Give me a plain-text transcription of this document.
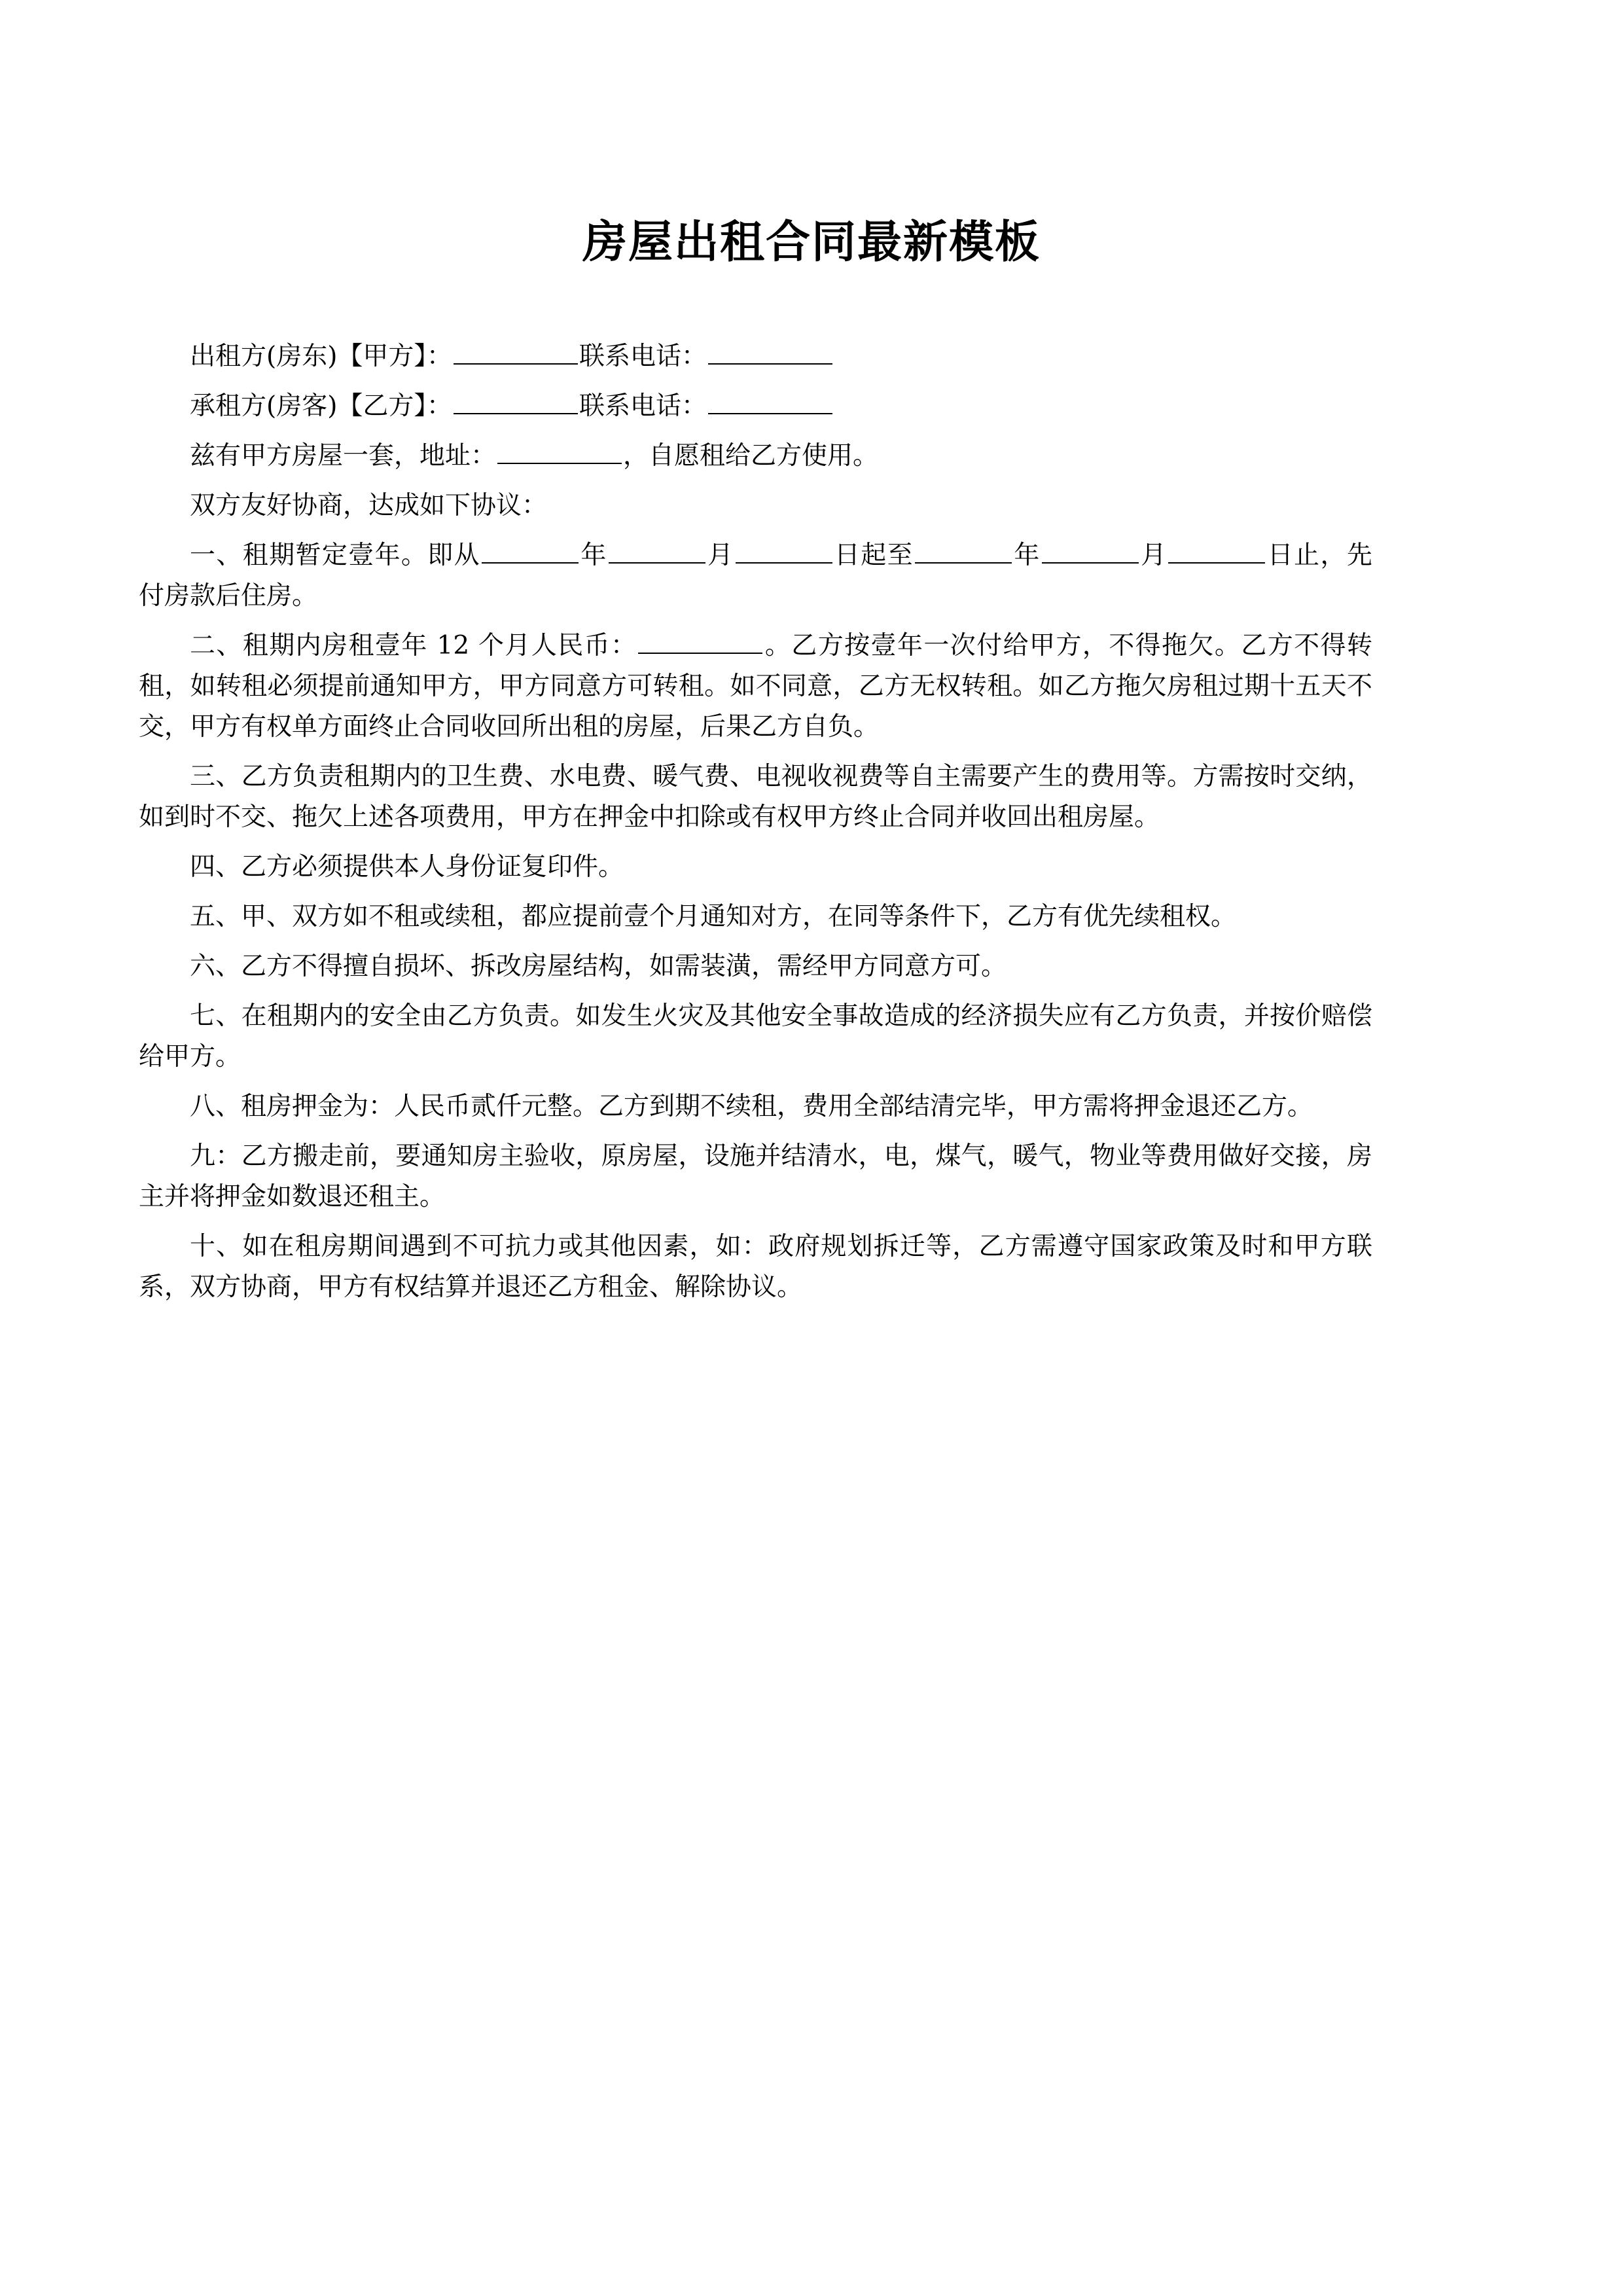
房屋出租合同最新模板

出租方(房东)【甲方】：	联系电话：

承租方(房客)【乙方】：	联系电话：

兹有甲方房屋一套，地址：	，自愿租给乙方使用。

双方友好协商，达成如下协议：

一、租期暂定壹年。即从	年	月	日起至	年	月	日止，先付房款后住房。

二、租期内房租壹年 12 个月人民币：	。乙方按壹年一次付给甲方，不得拖欠。乙方不得转租，如转租必须提前通知甲方，甲方同意方可转租。如不同意，乙方无权转租。如乙方拖欠房租过期十五天不交，甲方有权单方面终止合同收回所出租的房屋，后果乙方自负。

三、乙方负责租期内的卫生费、水电费、暖气费、电视收视费等自主需要产生的费用等。方需按时交纳，如到时不交、拖欠上述各项费用，甲方在押金中扣除或有权甲方终止合同并收回出租房屋。

四、乙方必须提供本人身份证复印件。

五、甲、双方如不租或续租，都应提前壹个月通知对方，在同等条件下，乙方有优先续租权。

六、乙方不得擅自损坏、拆改房屋结构，如需装潢，需经甲方同意方可。

七、在租期内的安全由乙方负责。如发生火灾及其他安全事故造成的经济损失应有乙方负责，并按价赔偿给甲方。

八、租房押金为：人民币贰仟元整。乙方到期不续租，费用全部结清完毕，甲方需将押金退还乙方。

九：乙方搬走前，要通知房主验收，原房屋，设施并结清水，电，煤气，暖气，物业等费用做好交接，房主并将押金如数退还租主。

十、如在租房期间遇到不可抗力或其他因素，如：政府规划拆迁等，乙方需遵守国家政策及时和甲方联系，双方协商，甲方有权结算并退还乙方租金、解除协议。
